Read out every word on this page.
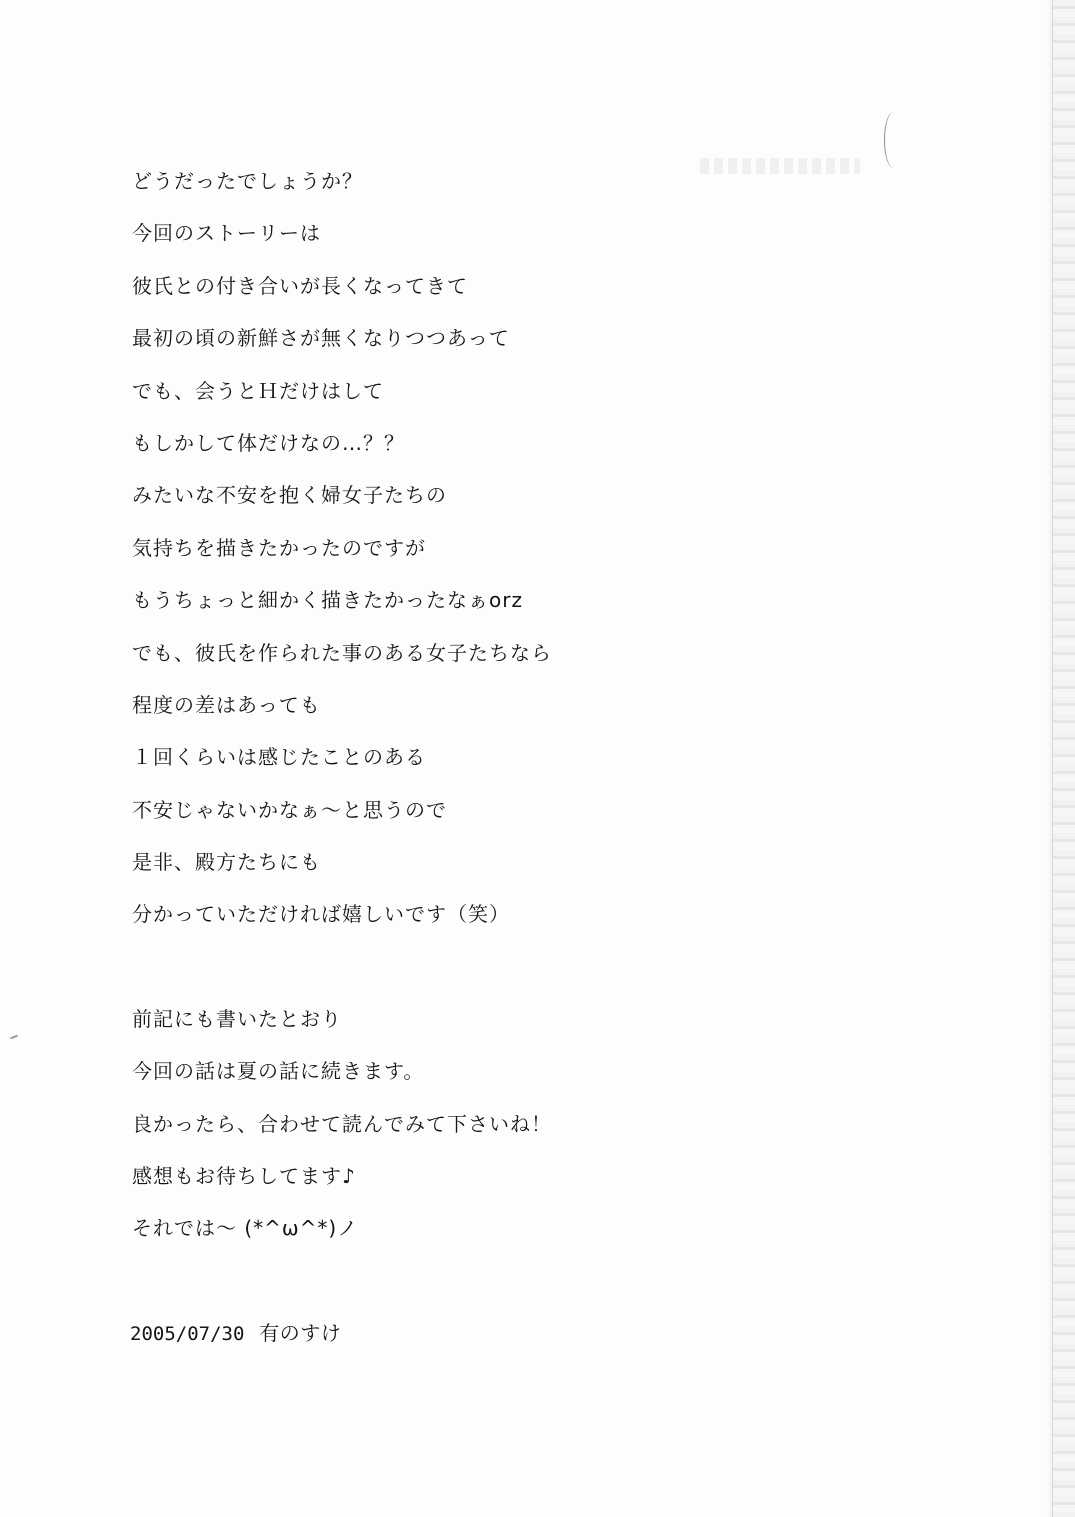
どうだったでしょうか？
今回のストーリーは
彼氏との付き合いが長くなってきて
最初の頃の新鮮さが無くなりつつあって
でも、会うとＨだけはして
もしかして体だけなの…？？
みたいな不安を抱く婦女子たちの
気持ちを描きたかったのですが
もうちょっと細かく描きたかったなぁorz
でも、彼氏を作られた事のある女子たちなら
程度の差はあっても
１回くらいは感じたことのある
不安じゃないかなぁ～と思うので
是非、殿方たちにも
分かっていただければ嬉しいです（笑）
前記にも書いたとおり
今回の話は夏の話に続きます。
良かったら、合わせて読んでみて下さいね！
感想もお待ちしてます♪
それでは～ (*^ω^*)ノ
2005/07/30 有のすけ
